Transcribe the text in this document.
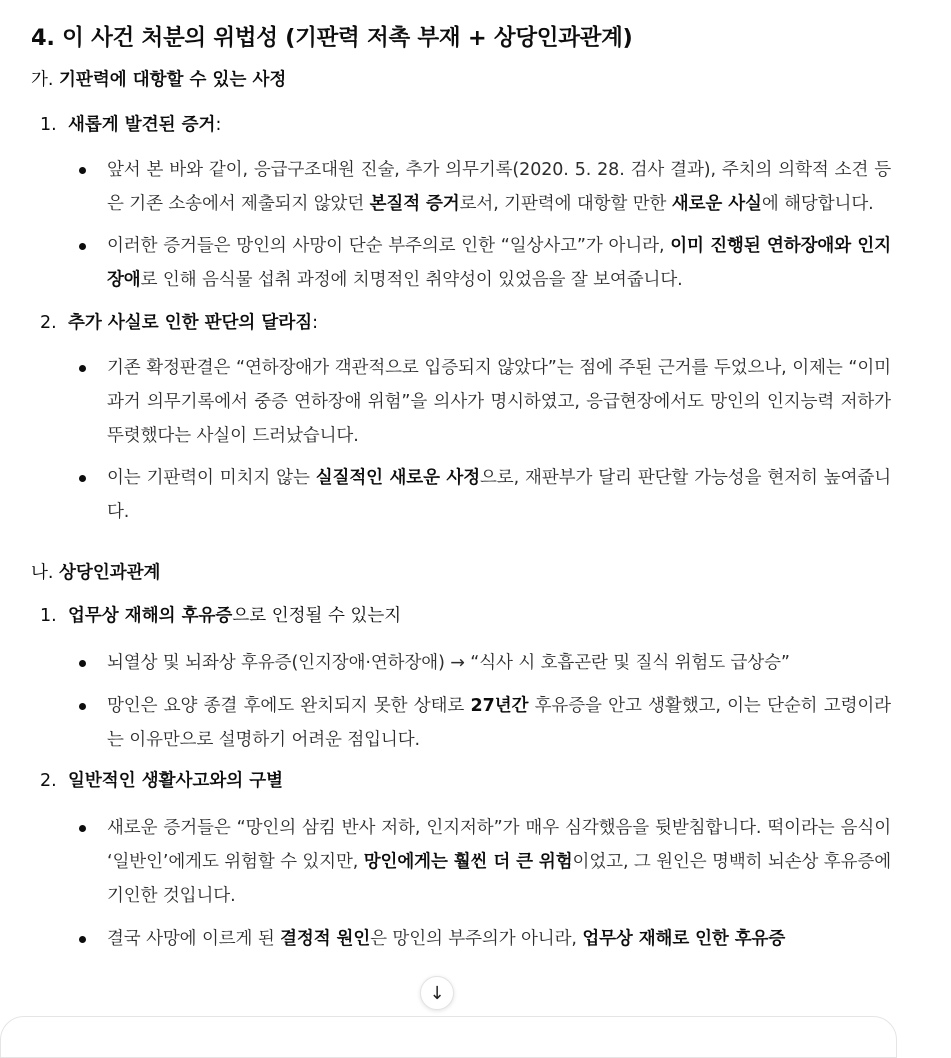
4. 이 사건 처분의 위법성 (기판력 저촉 부재 + 상당인과관계)

가. 기판력에 대항할 수 있는 사정

1. 새롭게 발견된 증거:
앞서 본 바와 같이, 응급구조대원 진술, 추가 의무기록(2020. 5. 28. 검사 결과), 주치의 의학적 소견 등은 기존 소송에서 제출되지 않았던 본질적 증거로서, 기판력에 대항할 만한 새로운 사실에 해당합니다.
이러한 증거들은 망인의 사망이 단순 부주의로 인한 “일상사고”가 아니라, 이미 진행된 연하장애와 인지장애로 인해 음식물 섭취 과정에 치명적인 취약성이 있었음을 잘 보여줍니다.
2. 추가 사실로 인한 판단의 달라짐:
기존 확정판결은 “연하장애가 객관적으로 입증되지 않았다”는 점에 주된 근거를 두었으나, 이제는 “이미 과거 의무기록에서 중증 연하장애 위험”을 의사가 명시하였고, 응급현장에서도 망인의 인지능력 저하가 뚜렷했다는 사실이 드러났습니다.
이는 기판력이 미치지 않는 실질적인 새로운 사정으로, 재판부가 달리 판단할 가능성을 현저히 높여줍니다.

나. 상당인과관계

1. 업무상 재해의 후유증으로 인정될 수 있는지
뇌열상 및 뇌좌상 후유증(인지장애·연하장애) → “식사 시 호흡곤란 및 질식 위험도 급상승”
망인은 요양 종결 후에도 완치되지 못한 상태로 27년간 후유증을 안고 생활했고, 이는 단순히 고령이라는 이유만으로 설명하기 어려운 점입니다.
2. 일반적인 생활사고와의 구별
새로운 증거들은 “망인의 삼킴 반사 저하, 인지저하”가 매우 심각했음을 뒷받침합니다. 떡이라는 음식이 ‘일반인’에게도 위험할 수 있지만, 망인에게는 훨씬 더 큰 위험이었고, 그 원인은 명백히 뇌손상 후유증에 기인한 것입니다.
결국 사망에 이르게 된 결정적 원인은 망인의 부주의가 아니라, 업무상 재해로 인한 후유증
↓
